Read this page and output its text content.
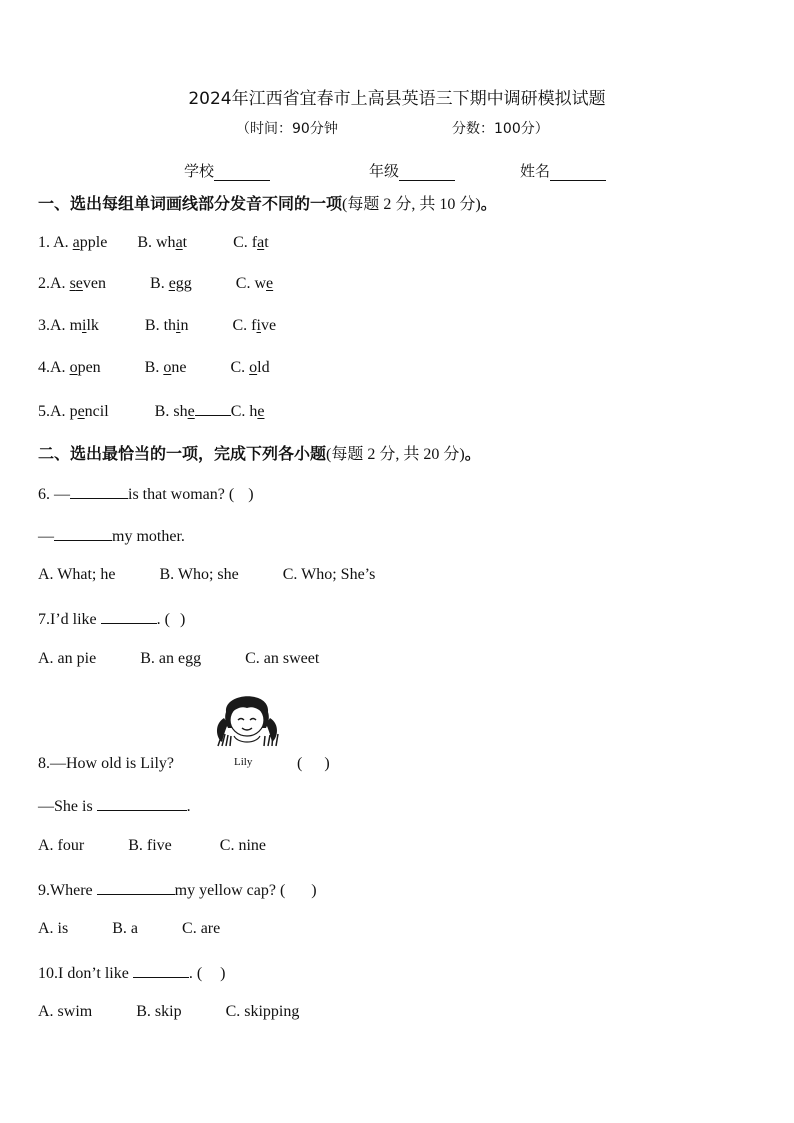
2024年江西省宜春市上高县英语三下期中调研模拟试题
（时间：90分钟	分数：100分）
学校	年级	姓名
一、选出每组单词画线部分发音不同的一项(每题 2 分, 共 10 分)。
1. A. apple B. what	C. fat
2.A. seven	B. egg	C. we
3.A. milk	B. thin	C. five
4.A. open	B. one	C. old
5.A. pencil	B. she C. he
二、选出最恰当的一项，完成下列各小题(每题 2 分, 共 20 分)。
6. —	is that woman? ( )
—	my mother.
A. What; he	B. Who; she	C. Who; She’s
7.I’d like	. ( )
A. an pie	B. an egg	C. an sweet
Lily
8.—How old is Lily?	( )
—She is	.
A. four	B. five	C. nine
9.Where	my yellow cap? ( )
A. is	B. a	C. are
10.I don’t like	. ( )
A. swim	B. skip	C. skipping
